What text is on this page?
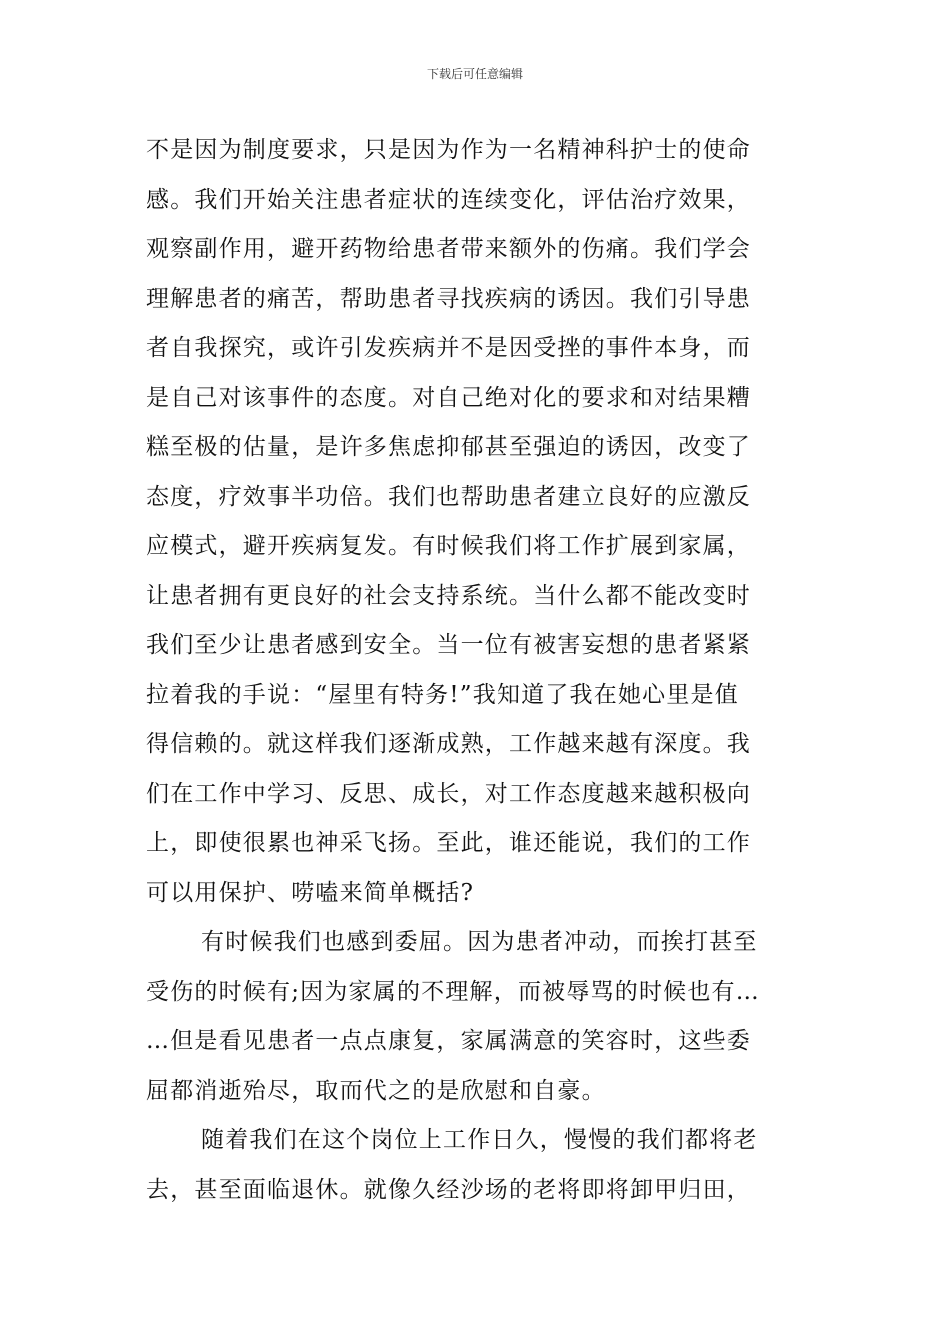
下载后可任意编辑
不是因为制度要求，只是因为作为一名精神科护士的使命
感。我们开始关注患者症状的连续变化，评估治疗效果，
观察副作用，避开药物给患者带来额外的伤痛。我们学会
理解患者的痛苦，帮助患者寻找疾病的诱因。我们引导患
者自我探究，或许引发疾病并不是因受挫的事件本身，而
是自己对该事件的态度。对自己绝对化的要求和对结果糟
糕至极的估量，是许多焦虑抑郁甚至强迫的诱因，改变了
态度，疗效事半功倍。我们也帮助患者建立良好的应激反
应模式，避开疾病复发。有时候我们将工作扩展到家属，
让患者拥有更良好的社会支持系统。当什么都不能改变时
我们至少让患者感到安全。当一位有被害妄想的患者紧紧
拉着我的手说：“屋里有特务!”我知道了我在她心里是值
得信赖的。就这样我们逐渐成熟，工作越来越有深度。我
们在工作中学习、反思、成长，对工作态度越来越积极向
上，即使很累也神采飞扬。至此，谁还能说，我们的工作
可以用保护、唠嗑来简单概括?
有时候我们也感到委屈。因为患者冲动，而挨打甚至
受伤的时候有;因为家属的不理解，而被辱骂的时候也有…
…但是看见患者一点点康复，家属满意的笑容时，这些委
屈都消逝殆尽，取而代之的是欣慰和自豪。
随着我们在这个岗位上工作日久，慢慢的我们都将老
去，甚至面临退休。就像久经沙场的老将即将卸甲归田，
